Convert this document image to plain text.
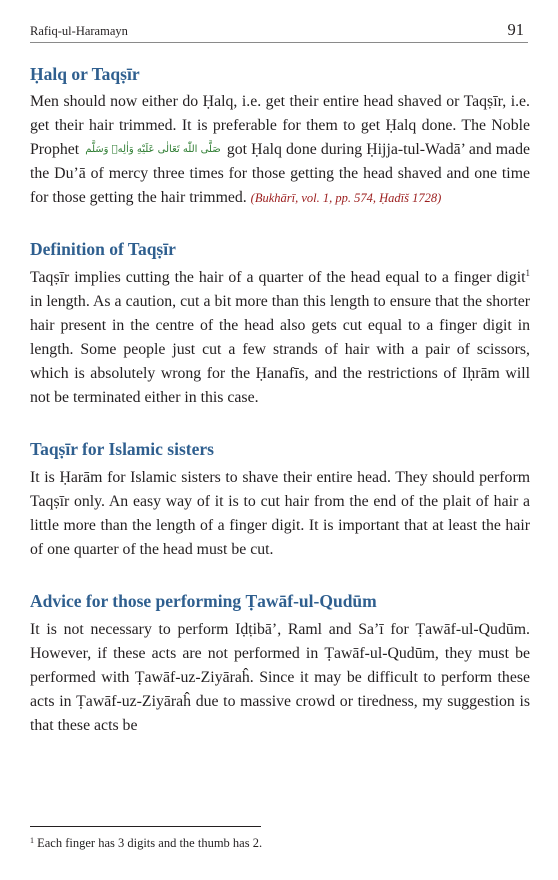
Rafiq-ul-Haramayn	91
Ḥalq or Taqṣīr

Men should now either do Ḥalq, i.e. get their entire head shaved or Taqṣīr, i.e. get their hair trimmed. It is preferable for them to get Ḥalq done. The Noble Prophet صَلَّى اللّٰه تَعَالٰى عَلَيْهِ وَاٰلِهٖ وَسَلَّم got Ḥalq done during Ḥijja-tul-Wadā’ and made the Du’ā of mercy three times for those getting the head shaved and one time for those getting the hair trimmed. (Bukhārī, vol. 1, pp. 574, Ḥadīš 1728)

Definition of Taqṣīr

Taqṣīr implies cutting the hair of a quarter of the head equal to a finger digit$^1$ in length. As a caution, cut a bit more than this length to ensure that the shorter hair present in the centre of the head also gets cut equal to a finger digit in length. Some people just cut a few strands of hair with a pair of scissors, which is absolutely wrong for the Ḥanafīs, and the restrictions of Iḥrām will not be terminated either in this case.

Taqṣīr for Islamic sisters

It is Ḥarām for Islamic sisters to shave their entire head. They should perform Taqṣīr only. An easy way of it is to cut hair from the end of the plait of hair a little more than the length of a finger digit. It is important that at least the hair of one quarter of the head must be cut.

Advice for those performing Ṭawāf-ul-Qudūm

It is not necessary to perform Iḍṭibā’, Raml and Sa’ī for Ṭawāf-ul-Qudūm. However, if these acts are not performed in Ṭawāf-ul-Qudūm, they must be performed with Ṭawāf-uz-Ziyāraĥ. Since it may be difficult to perform these acts in Ṭawāf-uz-Ziyāraĥ due to massive crowd or tiredness, my suggestion is that these acts be

$^1$ Each finger has 3 digits and the thumb has 2.
